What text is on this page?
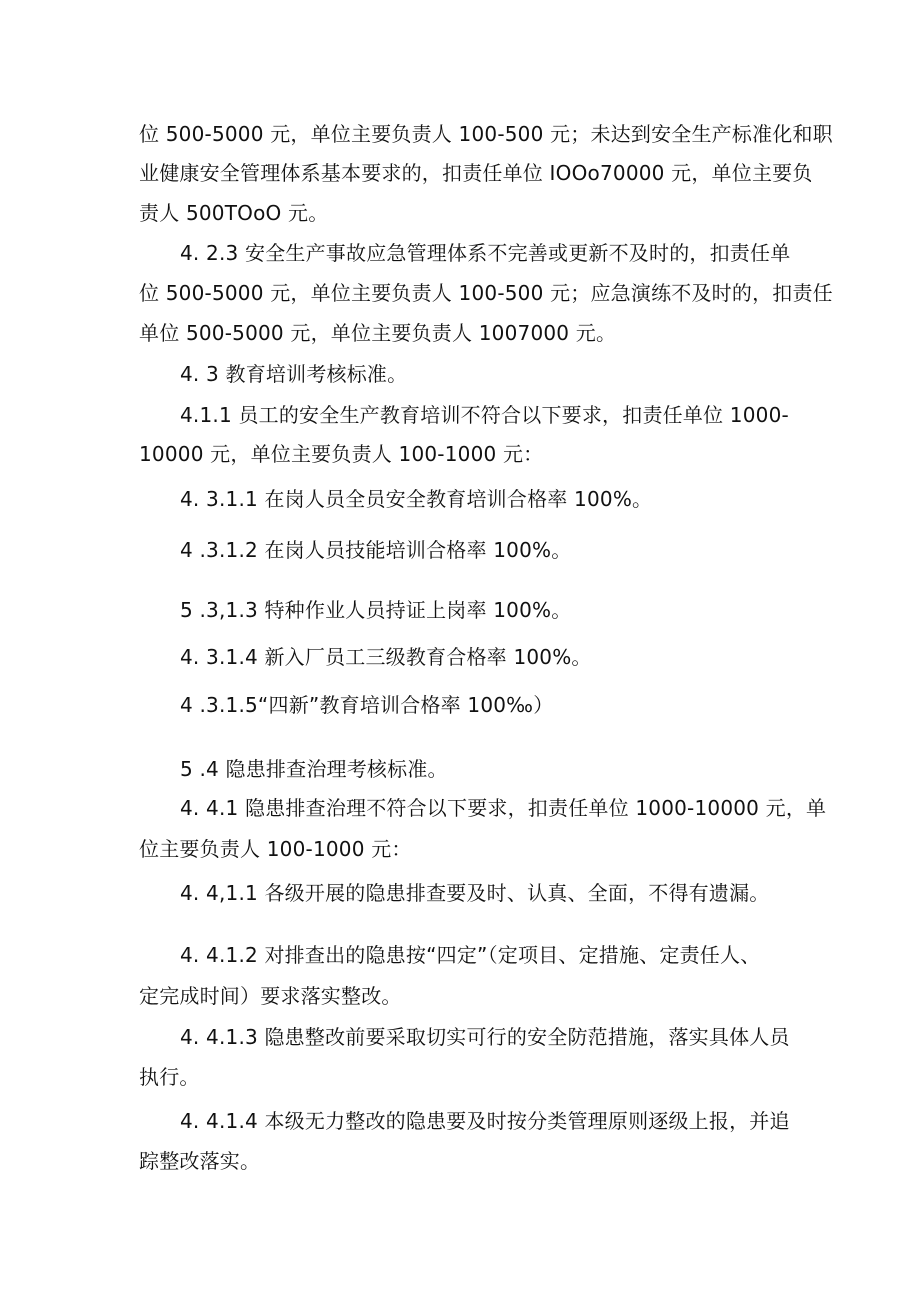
位 500-5000 元，单位主要负责人 100-500 元；未达到安全生产标准化和职
业健康安全管理体系基本要求的，扣责任单位 IOOo70000 元，单位主要负
责人 500TOoO 元。
4. 2.3 安全生产事故应急管理体系不完善或更新不及时的，扣责任单
位 500-5000 元，单位主要负责人 100-500 元；应急演练不及时的，扣责任
单位 500-5000 元，单位主要负责人 1007000 元。
4. 3 教育培训考核标准。
4.1.1 员工的安全生产教育培训不符合以下要求，扣责任单位 1000-
10000 元，单位主要负责人 100-1000 元：
4. 3.1.1 在岗人员全员安全教育培训合格率 100%。
4 .3.1.2 在岗人员技能培训合格率 100%。
5 .3,1.3 特种作业人员持证上岗率 100%。
4. 3.1.4 新入厂员工三级教育合格率 100%。
4 .3.1.5“四新”教育培训合格率 100‰）
5 .4 隐患排查治理考核标准。
4. 4.1 隐患排查治理不符合以下要求，扣责任单位 1000-10000 元，单
位主要负责人 100-1000 元：
4. 4,1.1 各级开展的隐患排查要及时、认真、全面，不得有遗漏。
4. 4.1.2 对排查出的隐患按“四定”（定项目、定措施、定责任人、
定完成时间）要求落实整改。
4. 4.1.3 隐患整改前要采取切实可行的安全防范措施，落实具体人员
执行。
4. 4.1.4 本级无力整改的隐患要及时按分类管理原则逐级上报，并追
踪整改落实。
